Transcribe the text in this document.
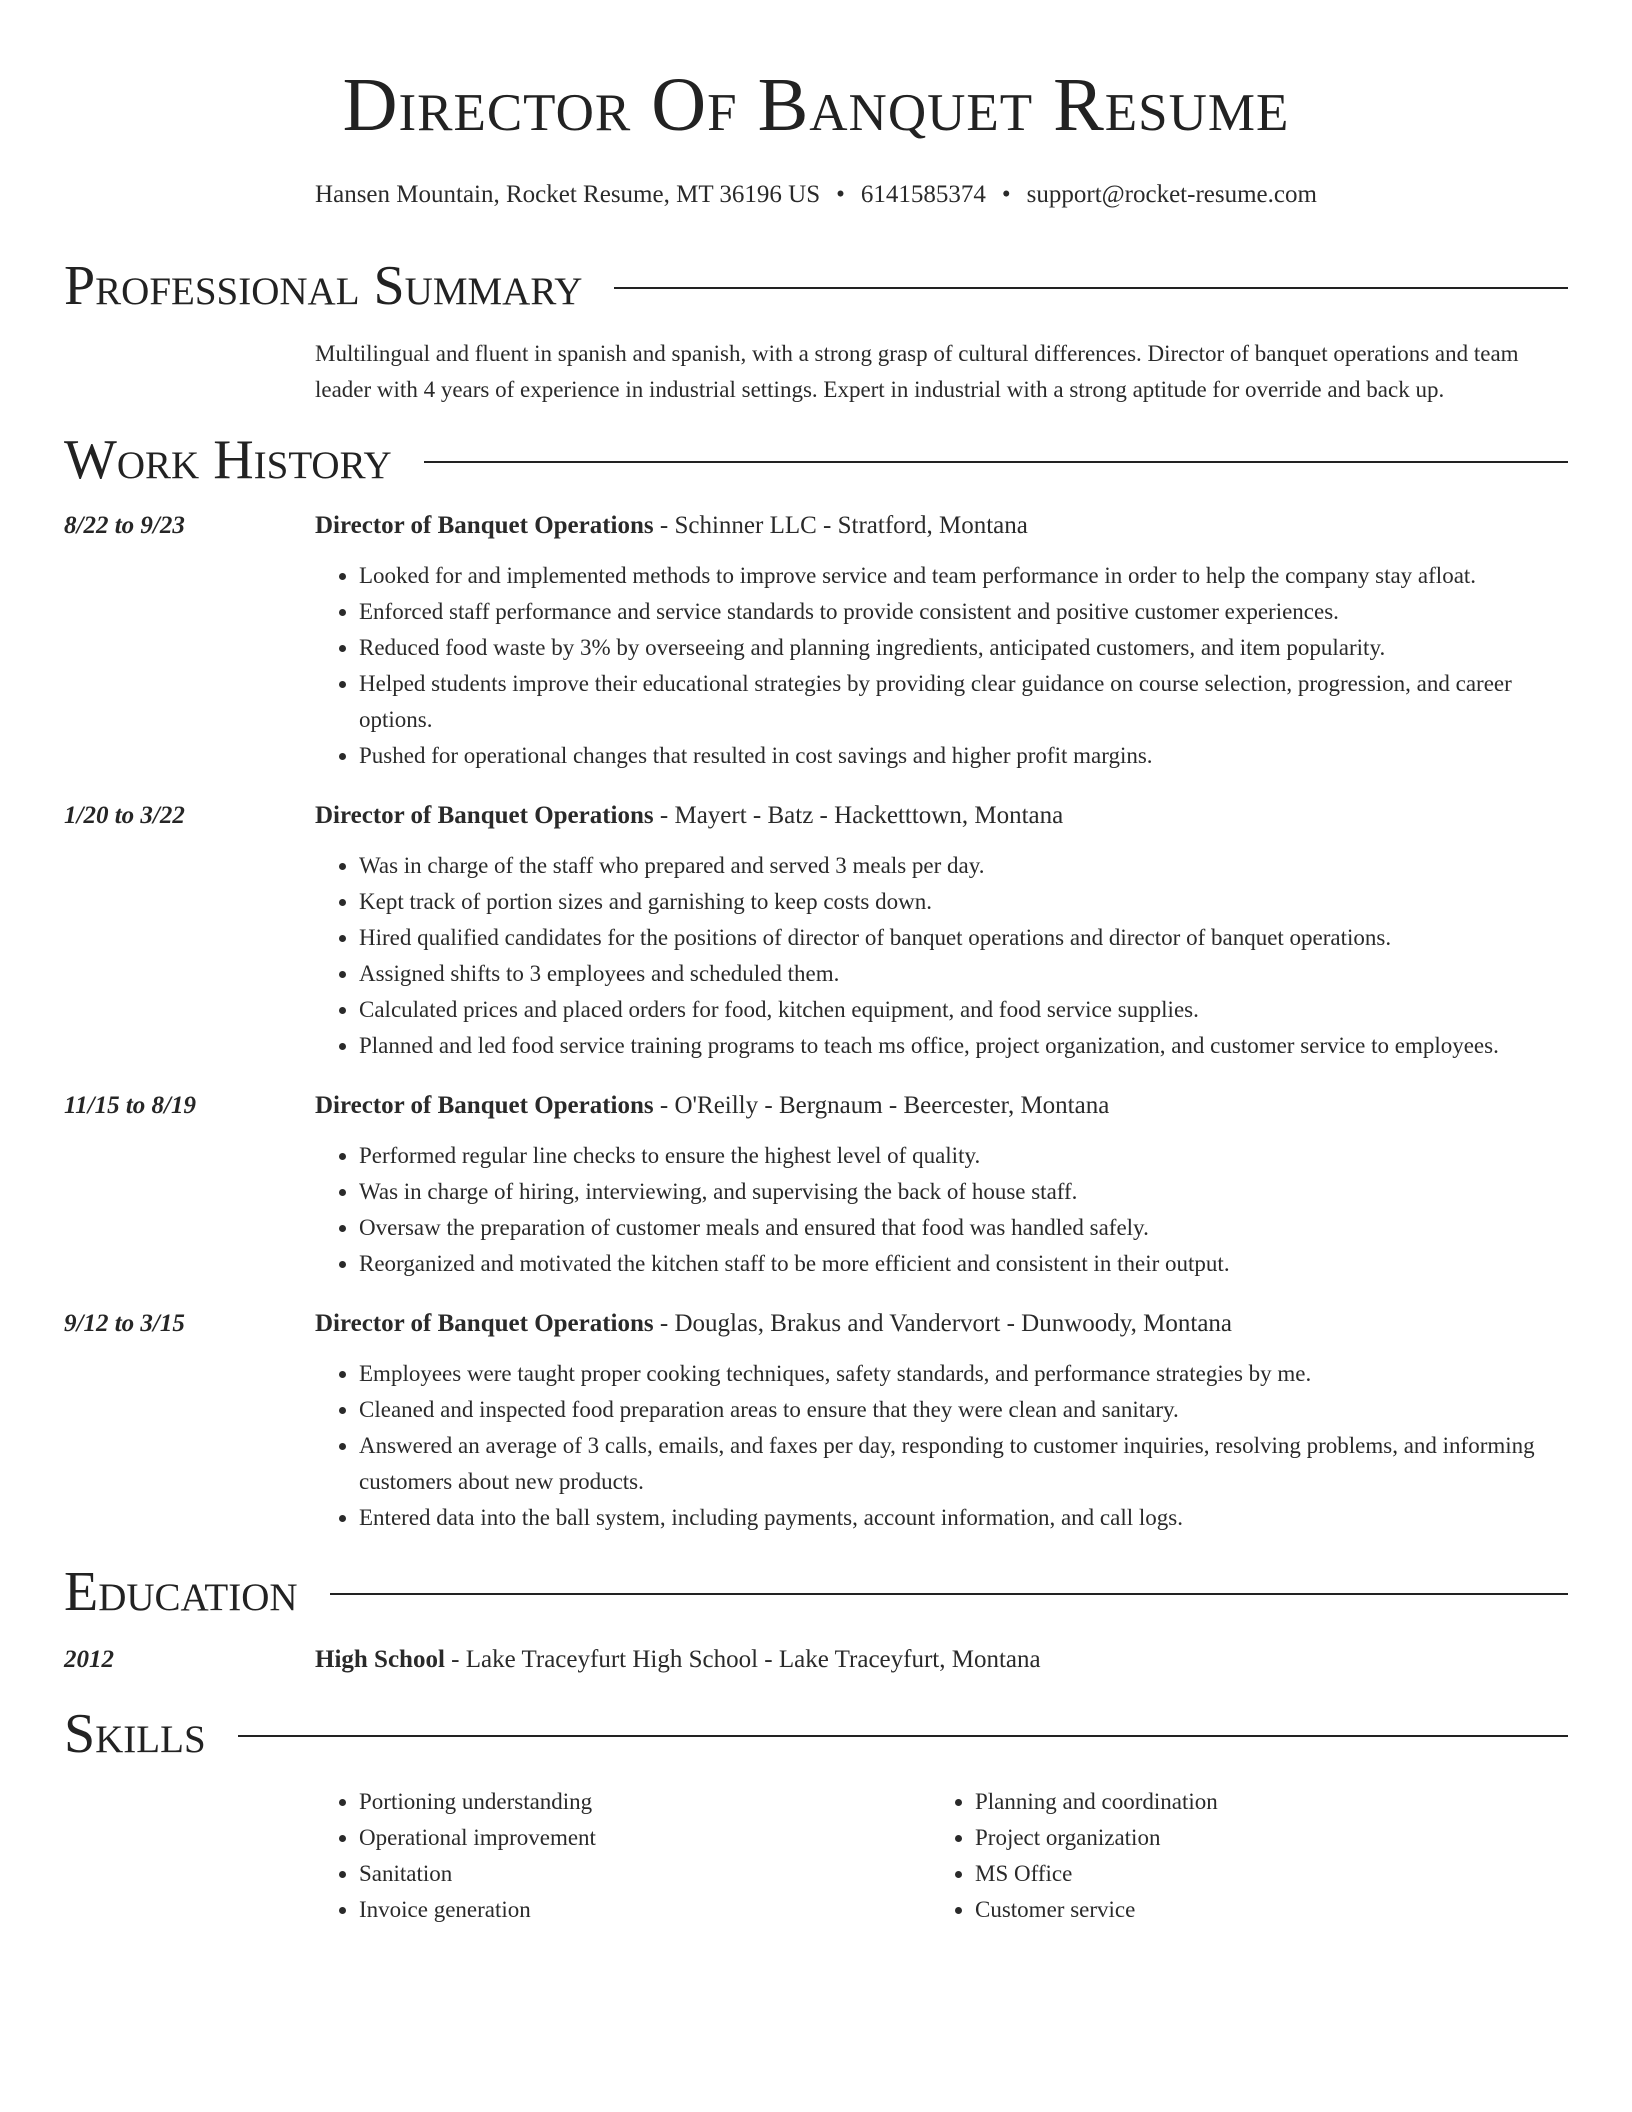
Director Of Banquet Resume
Hansen Mountain, Rocket Resume, MT 36196 US • 6141585374 • support@rocket-resume.com
Professional Summary
Multilingual and fluent in spanish and spanish, with a strong grasp of cultural differences. Director of banquet operations and team leader with 4 years of experience in industrial settings. Expert in industrial with a strong aptitude for override and back up.
Work History
8/22 to 9/23	Director of Banquet Operations - Schinner LLC - Stratford, Montana
• Looked for and implemented methods to improve service and team performance in order to help the company stay afloat.
• Enforced staff performance and service standards to provide consistent and positive customer experiences.
• Reduced food waste by 3% by overseeing and planning ingredients, anticipated customers, and item popularity.
• Helped students improve their educational strategies by providing clear guidance on course selection, progression, and career options.
• Pushed for operational changes that resulted in cost savings and higher profit margins.
1/20 to 3/22	Director of Banquet Operations - Mayert - Batz - Hacketttown, Montana
• Was in charge of the staff who prepared and served 3 meals per day.
• Kept track of portion sizes and garnishing to keep costs down.
• Hired qualified candidates for the positions of director of banquet operations and director of banquet operations.
• Assigned shifts to 3 employees and scheduled them.
• Calculated prices and placed orders for food, kitchen equipment, and food service supplies.
• Planned and led food service training programs to teach ms office, project organization, and customer service to employees.
11/15 to 8/19	Director of Banquet Operations - O'Reilly - Bergnaum - Beercester, Montana
• Performed regular line checks to ensure the highest level of quality.
• Was in charge of hiring, interviewing, and supervising the back of house staff.
• Oversaw the preparation of customer meals and ensured that food was handled safely.
• Reorganized and motivated the kitchen staff to be more efficient and consistent in their output.
9/12 to 3/15	Director of Banquet Operations - Douglas, Brakus and Vandervort - Dunwoody, Montana
• Employees were taught proper cooking techniques, safety standards, and performance strategies by me.
• Cleaned and inspected food preparation areas to ensure that they were clean and sanitary.
• Answered an average of 3 calls, emails, and faxes per day, responding to customer inquiries, resolving problems, and informing customers about new products.
• Entered data into the ball system, including payments, account information, and call logs.
Education
2012	High School - Lake Traceyfurt High School - Lake Traceyfurt, Montana
Skills
• Portioning understanding
• Operational improvement
• Sanitation
• Invoice generation
• Planning and coordination
• Project organization
• MS Office
• Customer service
